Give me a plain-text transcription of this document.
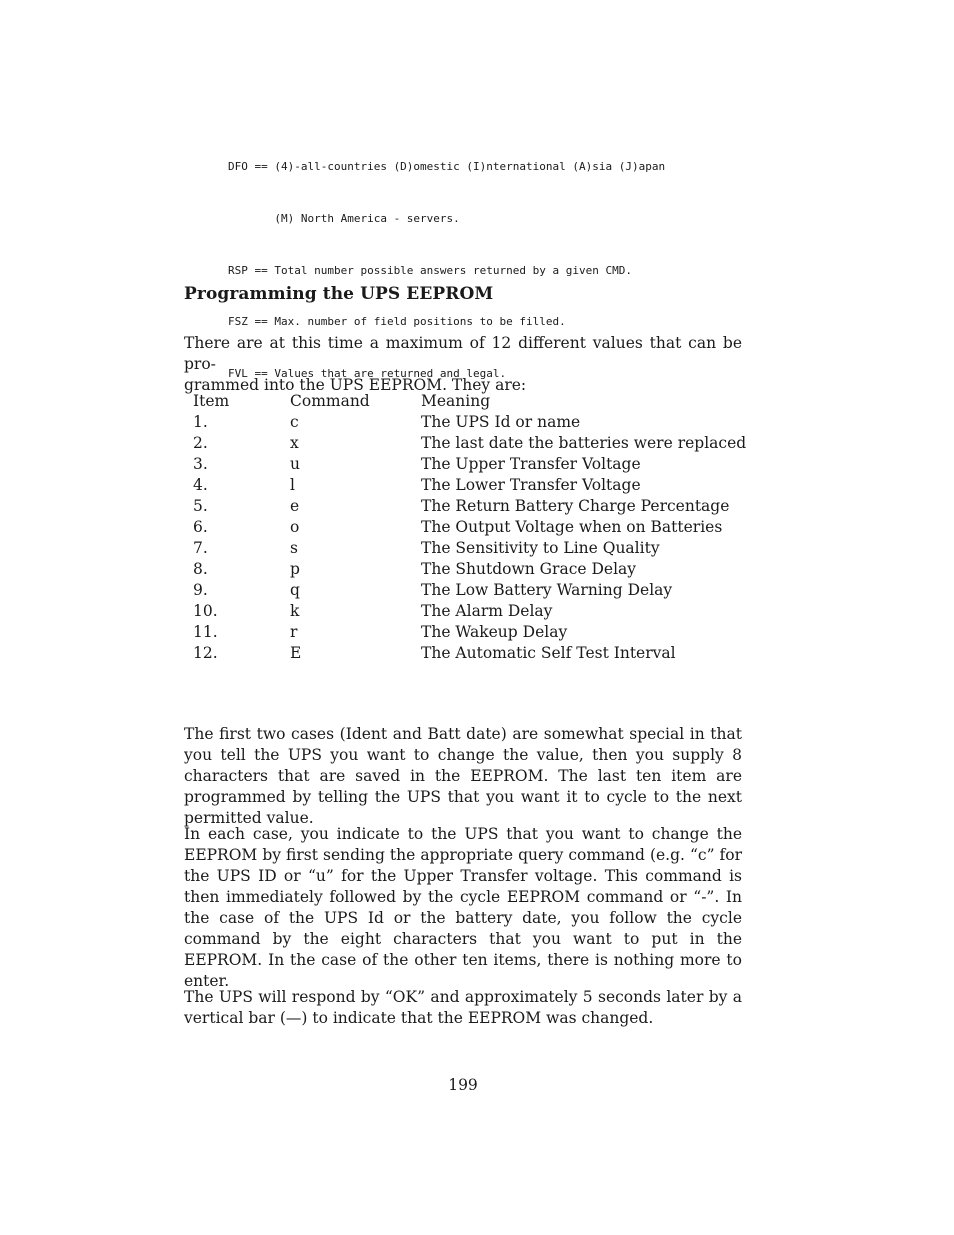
DFO == (4)-all-countries (D)omestic (I)nternational (A)sia (J)apan

(M) North America - servers.

RSP == Total number possible answers returned by a given CMD.

FSZ == Max. number of field positions to be filled.

FVL == Values that are returned and legal.

Programming the UPS EEPROM

There are at this time a maximum of 12 different values that can be pro-
grammed into the UPS EEPROM. They are:

Item	Command	Meaning
1.	c	The UPS Id or name
2.	x	The last date the batteries were replaced
3.	u	The Upper Transfer Voltage
4.	l	The Lower Transfer Voltage
5.	e	The Return Battery Charge Percentage
6.	o	The Output Voltage when on Batteries
7.	s	The Sensitivity to Line Quality
8.	p	The Shutdown Grace Delay
9.	q	The Low Battery Warning Delay
10.	k	The Alarm Delay
11.	r	The Wakeup Delay
12.	E	The Automatic Self Test Interval

The first two cases (Ident and Batt date) are somewhat special in that you tell the UPS you want to change the value, then you supply 8 characters that are saved in the EEPROM. The last ten item are programmed by telling the UPS that you want it to cycle to the next permitted value.

In each case, you indicate to the UPS that you want to change the EEPROM by first sending the appropriate query command (e.g. “c” for the UPS ID or “u” for the Upper Transfer voltage. This command is then immediately followed by the cycle EEPROM command or “-”. In the case of the UPS Id or the battery date, you follow the cycle command by the eight characters that you want to put in the EEPROM. In the case of the other ten items, there is nothing more to enter.

The UPS will respond by “OK” and approximately 5 seconds later by a vertical bar (—) to indicate that the EEPROM was changed.

199
